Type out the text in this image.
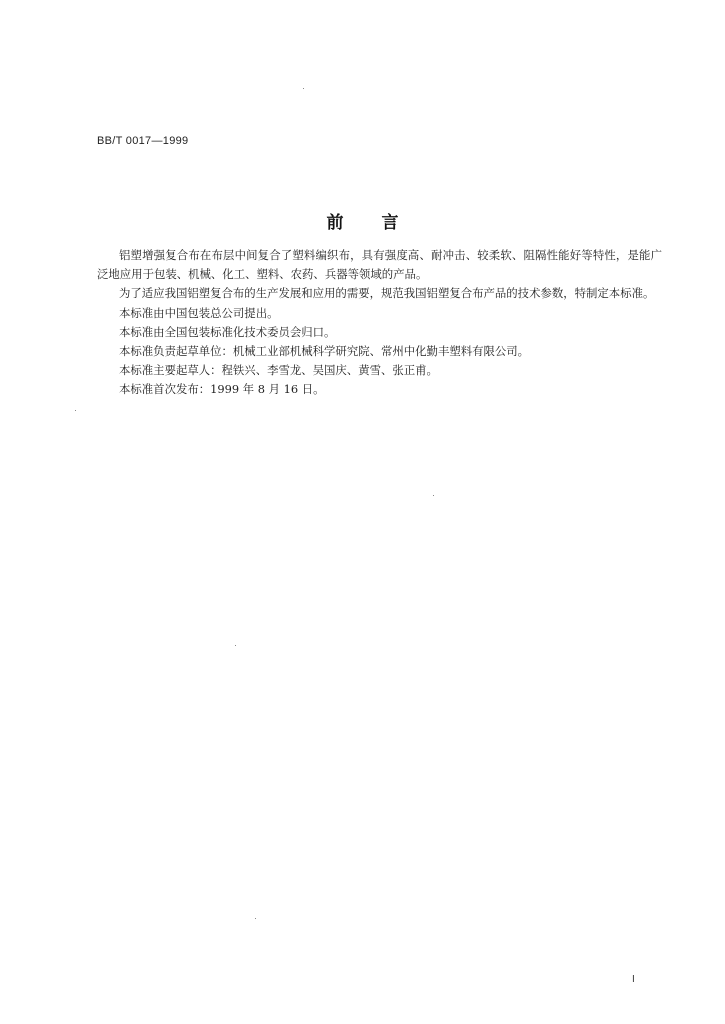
BB/T 0017—1999
前言

铝塑增强复合布在布层中间复合了塑料编织布，具有强度高、耐冲击、较柔软、阻隔性能好等特性，是能广泛地应用于包装、机械、化工、塑料、农药、兵器等领域的产品。

为了适应我国铝塑复合布的生产发展和应用的需要，规范我国铝塑复合布产品的技术参数，特制定本标准。

本标准由中国包装总公司提出。

本标准由全国包装标准化技术委员会归口。

本标准负责起草单位：机械工业部机械科学研究院、常州中化勤丰塑料有限公司。

本标准主要起草人：程铁兴、李雪龙、吴国庆、黄雪、张正甫。

本标准首次发布：1999 年 8 月 16 日。

I
